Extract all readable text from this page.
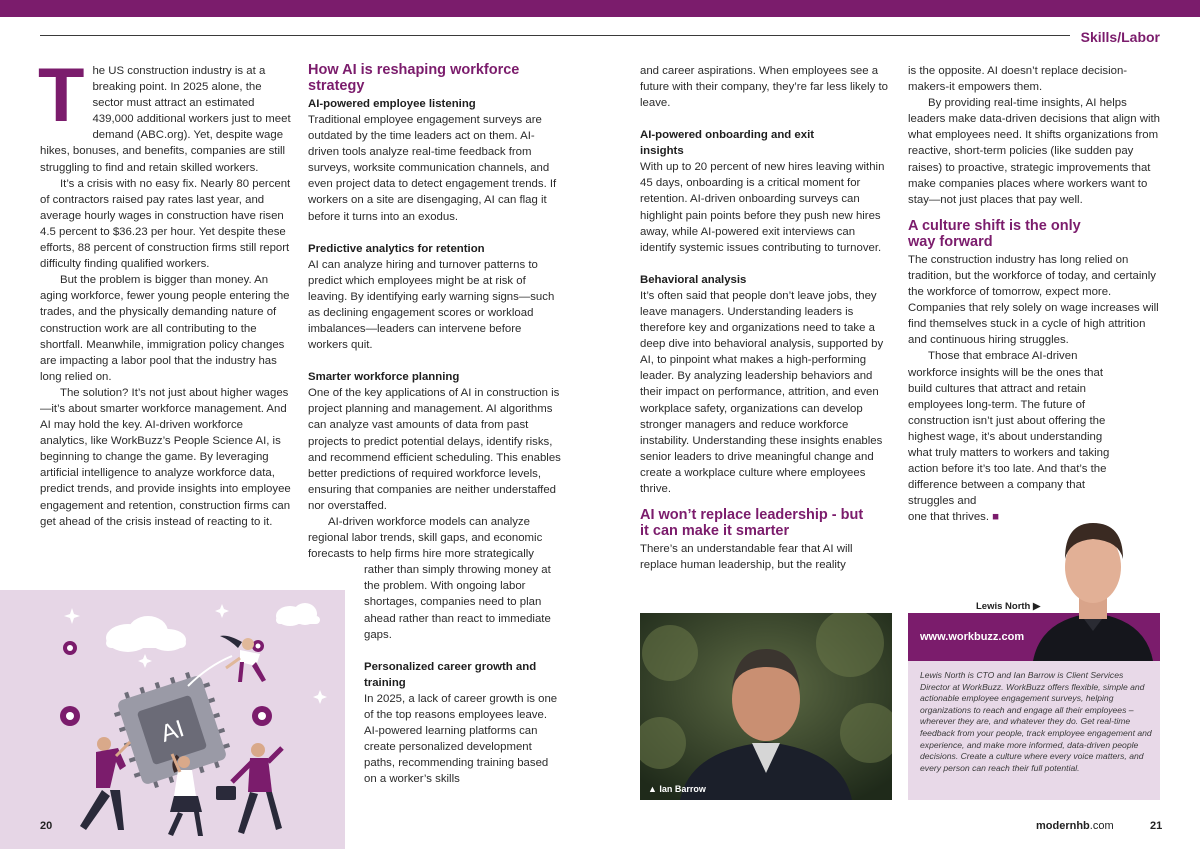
Skills/Labor

The US construction industry is at a breaking point. In 2025 alone, the sector must attract an estimated 439,000 additional workers just to meet demand (ABC.org). Yet, despite wage hikes, bonuses, and benefits, companies are still struggling to find and retain skilled workers.

It’s a crisis with no easy fix. Nearly 80 percent of contractors raised pay rates last year, and average hourly wages in construction have risen 4.5 percent to $36.23 per hour. Yet despite these efforts, 88 percent of construction firms still report difficulty finding qualified workers.

But the problem is bigger than money. An aging workforce, fewer young people entering the trades, and the physically demanding nature of construction work are all contributing to the shortfall. Meanwhile, immigration policy changes are impacting a labor pool that the industry has long relied on.

The solution? It’s not just about higher wages—it’s about smarter workforce management. And AI may hold the key. AI-driven workforce analytics, like WorkBuzz’s People Science AI, is beginning to change the game. By leveraging artificial intelligence to analyze workforce data, predict trends, and provide insights into employee engagement and retention, construction firms can get ahead of the crisis instead of reacting to it.

How AI is reshaping workforce strategy
AI-powered employee listening

Traditional employee engagement surveys are outdated by the time leaders act on them. AI-driven tools analyze real-time feedback from surveys, worksite communication channels, and even project data to detect engagement trends. If workers on a site are disengaging, AI can flag it before it turns into an exodus.

Predictive analytics for retention

AI can analyze hiring and turnover patterns to predict which employees might be at risk of leaving. By identifying early warning signs—such as declining engagement scores or workload imbalances—leaders can intervene before workers quit.

Smarter workforce planning

One of the key applications of AI in construction is project planning and management. AI algorithms can analyze vast amounts of data from past projects to predict potential delays, identify risks, and recommend efficient scheduling. This enables better predictions of required workforce levels, ensuring that companies are neither understaffed nor overstaffed.

AI-driven workforce models can analyze regional labor trends, skill gaps, and economic forecasts to help firms hire more strategically

rather than simply throwing money at the problem. With ongoing labor shortages, companies need to plan ahead rather than react to immediate gaps.

Personalized career growth and training

In 2025, a lack of career growth is one of the top reasons employees leave. AI-powered learning platforms can create personalized development paths, recommending training based on a worker’s skills

and career aspirations. When employees see a future with their company, they’re far less likely to leave.

AI-powered onboarding and exit insights

With up to 20 percent of new hires leaving within 45 days, onboarding is a critical moment for retention. AI-driven onboarding surveys can highlight pain points before they push new hires away, while AI-powered exit interviews can identify systemic issues contributing to turnover.

Behavioral analysis

It’s often said that people don’t leave jobs, they leave managers. Understanding leaders is therefore key and organizations need to take a deep dive into behavioral analysis, supported by AI, to pinpoint what makes a high-performing leader. By analyzing leadership behaviors and their impact on performance, attrition, and even workplace safety, organizations can develop stronger managers and reduce workforce instability. Understanding these insights enables senior leaders to drive meaningful change and create a workplace culture where employees thrive.

AI won’t replace leadership - but it can make it smarter

There’s an understandable fear that AI will replace human leadership, but the reality

is the opposite. AI doesn’t replace decision-makers-it empowers them.

By providing real-time insights, AI helps leaders make data-driven decisions that align with what employees need. It shifts organizations from reactive, short-term policies (like sudden pay raises) to proactive, strategic improvements that make companies places where workers want to stay—not just places that pay well.

A culture shift is the only way forward

The construction industry has long relied on tradition, but the workforce of today, and certainly the workforce of tomorrow, expect more. Companies that rely solely on wage increases will find themselves stuck in a cycle of high attrition and continuous hiring struggles.

Those that embrace AI-driven workforce insights will be the ones that build cultures that attract and retain employees long-term. The future of construction isn’t just about offering the highest wage, it’s about understanding what truly matters to workers and taking action before it’s too late. And that’s the difference between a company that struggles and

one that thrives. ■

AI
▲ Ian Barrow
www.workbuzz.com
Lewis North is CTO and Ian Barrow is Client Services Director at WorkBuzz. WorkBuzz offers flexible, simple and actionable employee engagement surveys, helping organizations to reach and engage all their employees – wherever they are, and whatever they do. Get real-time feedback from your people, track employee engagement and experience, and make more informed, data-driven people decisions. Create a culture where every voice matters, and every person can reach their full potential.
Lewis North ▶
20	modernhb.com	21
